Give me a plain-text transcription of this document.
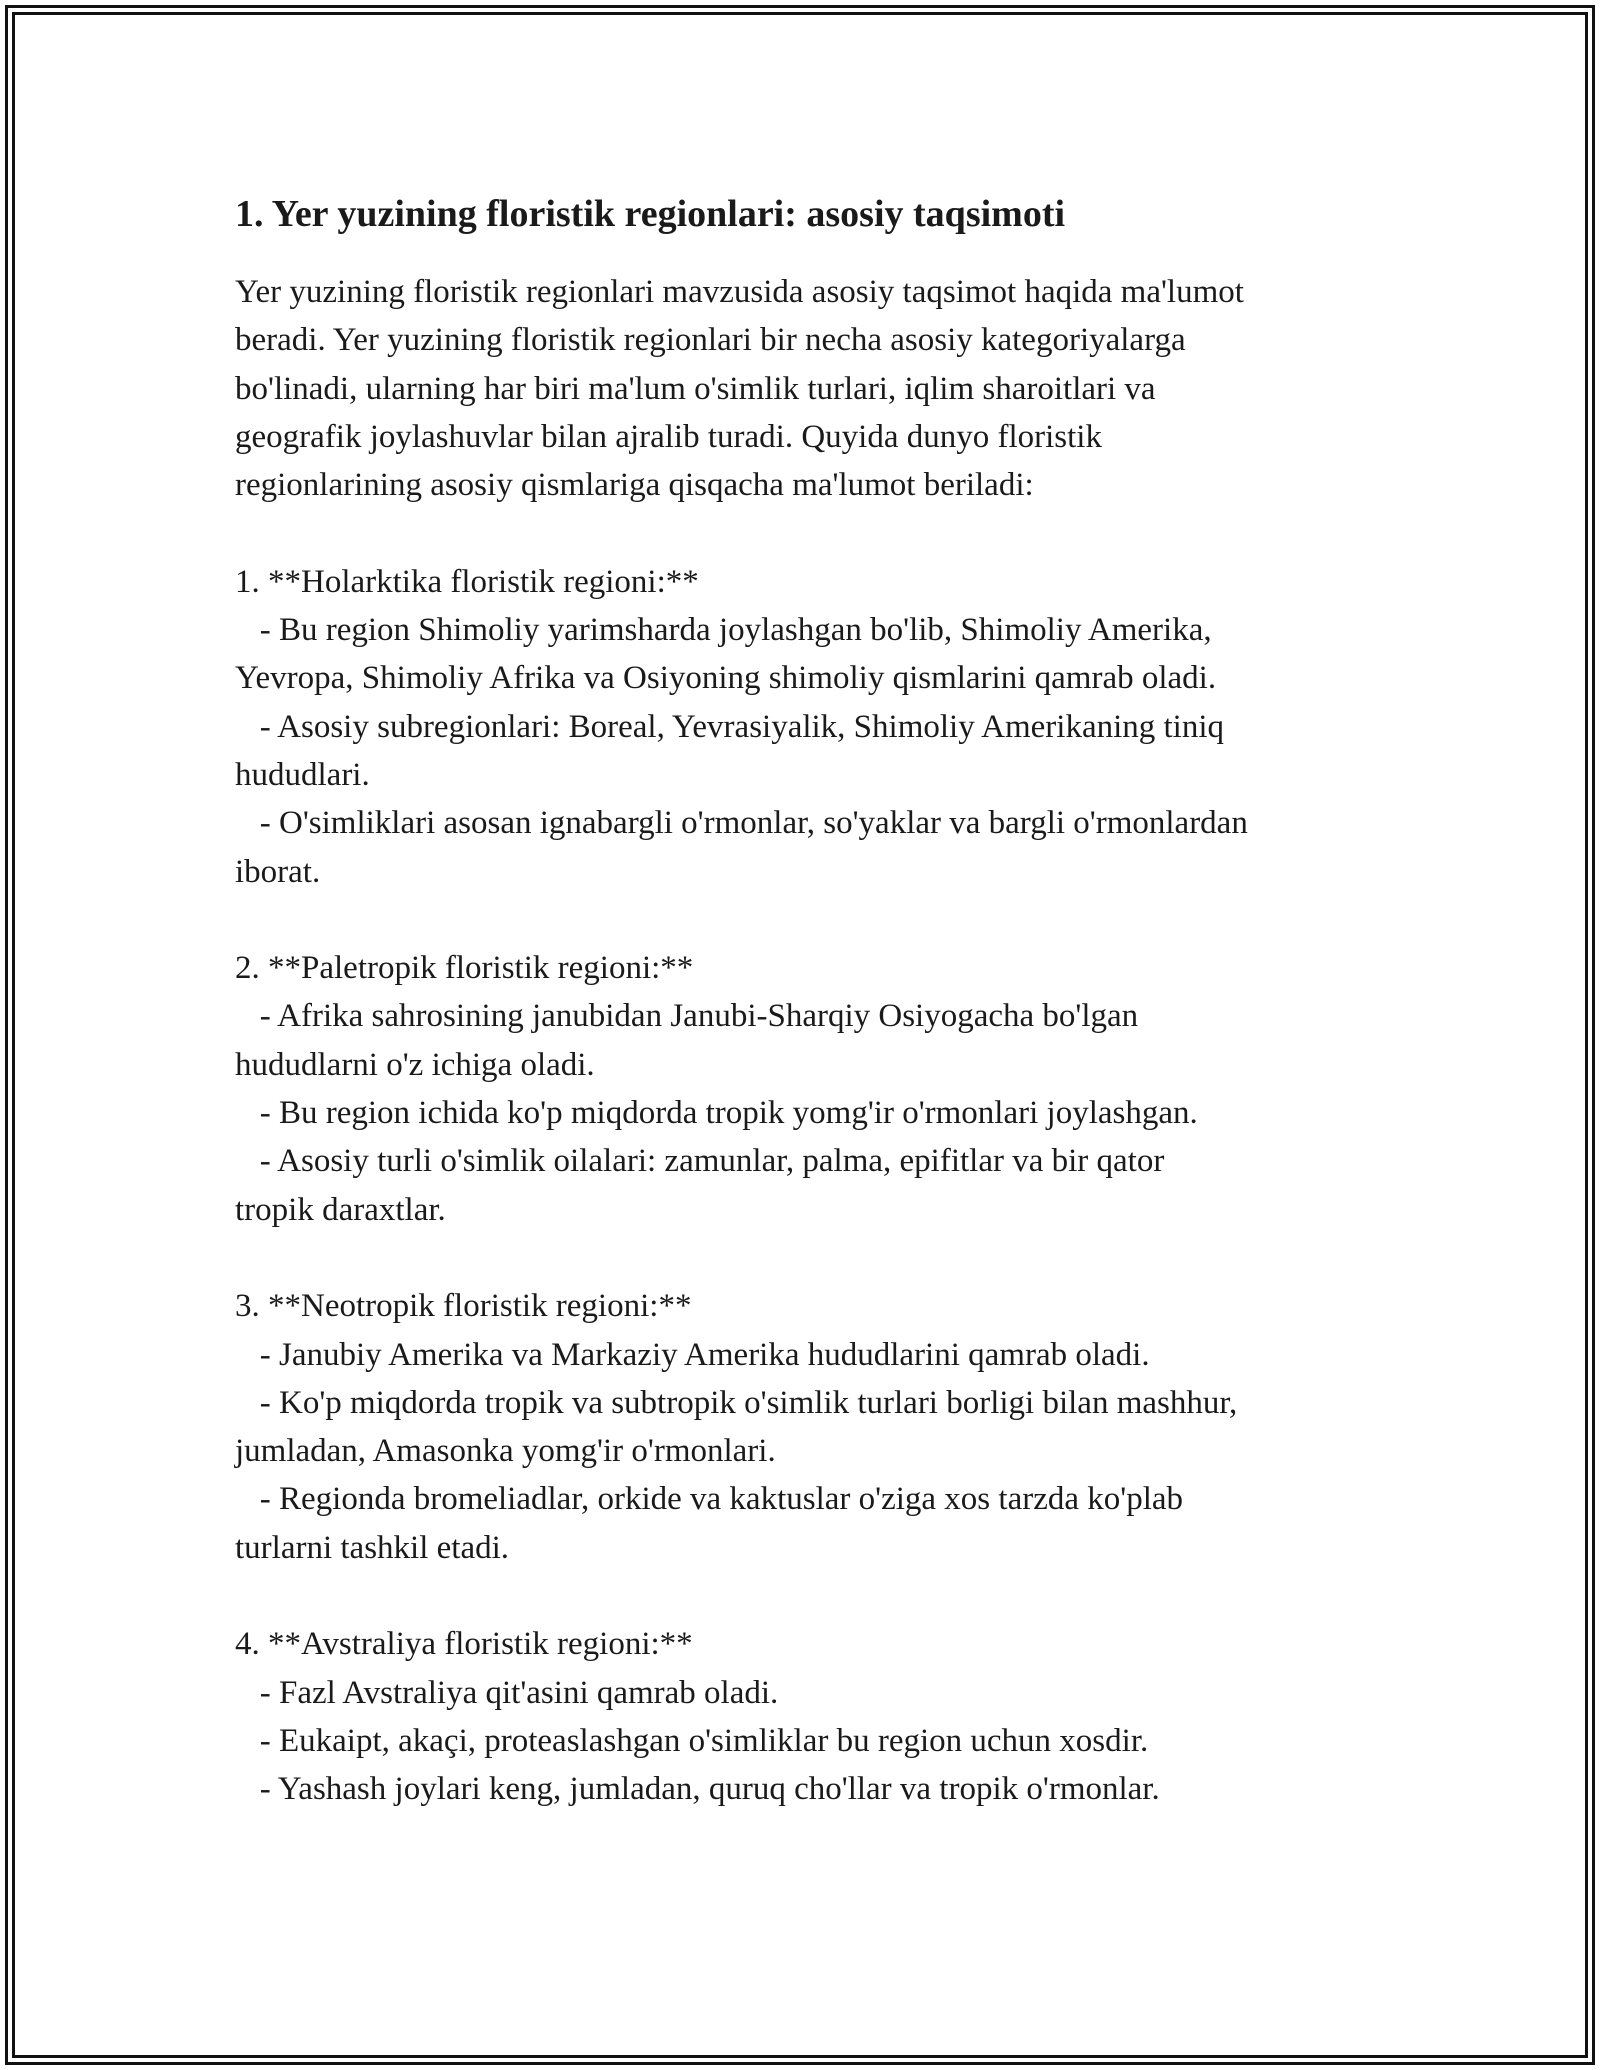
1. Yer yuzining floristik regionlari: asosiy taqsimoti
Yer yuzining floristik regionlari mavzusida asosiy taqsimot haqida ma'lumot
beradi. Yer yuzining floristik regionlari bir necha asosiy kategoriyalarga
bo'linadi, ularning har biri ma'lum o'simlik turlari, iqlim sharoitlari va
geografik joylashuvlar bilan ajralib turadi. Quyida dunyo floristik
regionlarining asosiy qismlariga qisqacha ma'lumot beriladi:
1. **Holarktika floristik regioni:**
- Bu region Shimoliy yarimsharda joylashgan bo'lib, Shimoliy Amerika,
Yevropa, Shimoliy Afrika va Osiyoning shimoliy qismlarini qamrab oladi.
- Asosiy subregionlari: Boreal, Yevrasiyalik, Shimoliy Amerikaning tiniq
hududlari.
- O'simliklari asosan ignabargli o'rmonlar, so'yaklar va bargli o'rmonlardan
iborat.
2. **Paletropik floristik regioni:**
- Afrika sahrosining janubidan Janubi-Sharqiy Osiyogacha bo'lgan
hududlarni o'z ichiga oladi.
- Bu region ichida ko'p miqdorda tropik yomg'ir o'rmonlari joylashgan.
- Asosiy turli o'simlik oilalari: zamunlar, palma, epifitlar va bir qator
tropik daraxtlar.
3. **Neotropik floristik regioni:**
- Janubiy Amerika va Markaziy Amerika hududlarini qamrab oladi.
- Ko'p miqdorda tropik va subtropik o'simlik turlari borligi bilan mashhur,
jumladan, Amasonka yomg'ir o'rmonlari.
- Regionda bromeliadlar, orkide va kaktuslar o'ziga xos tarzda ko'plab
turlarni tashkil etadi.
4. **Avstraliya floristik regioni:**
- Fazl Avstraliya qit'asini qamrab oladi.
- Eukaipt, akaçi, proteaslashgan o'simliklar bu region uchun xosdir.
- Yashash joylari keng, jumladan, quruq cho'llar va tropik o'rmonlar.
